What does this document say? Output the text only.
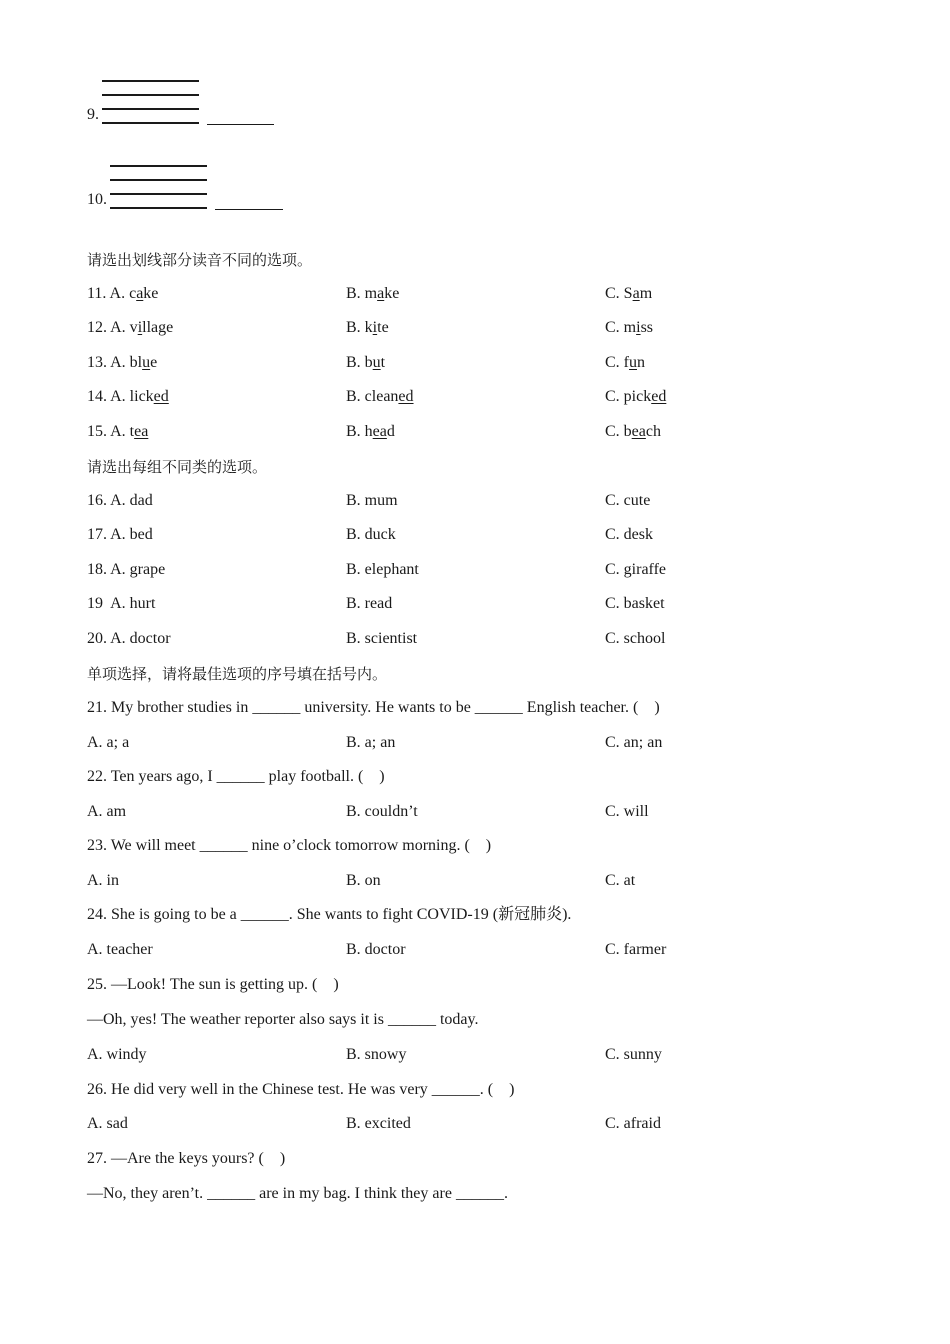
9.
10.
请选出划线部分读音不同的选项。
11. A. cake	B. make	C. Sam
12. A. village	B. kite	C. miss
13. A. blue	B. but	C. fun
14. A. licked	B. cleaned	C. picked
15. A. tea	B. head	C. beach
请选出每组不同类的选项。
16. A. dad	B. mum	C. cute
17. A. bed	B. duck	C. desk
18. A. grape	B. elephant	C. giraffe
19 A. hurt	B. read	C. basket
20. A. doctor	B. scientist	C. school
单项选择，请将最佳选项的序号填在括号内。
21. My brother studies in ______ university. He wants to be ______ English teacher. (　)
A. a; a	B. a; an	C. an; an
22. Ten years ago, I ______ play football. (　)
A. am	B. couldn’t	C. will
23. We will meet ______ nine o’clock tomorrow morning. (　)
A. in	B. on	C. at
24. She is going to be a ______. She wants to fight COVID-19 (新冠肺炎).
A. teacher	B. doctor	C. farmer
25. —Look! The sun is getting up. (　)
—Oh, yes! The weather reporter also says it is ______ today.
A. windy	B. snowy	C. sunny
26. He did very well in the Chinese test. He was very ______. (　)
A. sad	B. excited	C. afraid
27. —Are the keys yours? (　)
—No, they aren’t. ______ are in my bag. I think they are ______.
